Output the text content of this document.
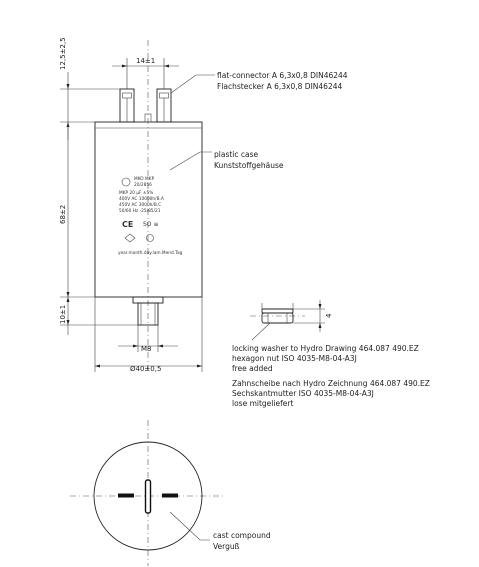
MKO MKP
20/2856
MKP 20 µF ±5%
400V AC 10000h/B.A
450V AC 3000h/B.C
50/60 Hz -25/85/21
CE SO ≡
year.month.day.lam.Mend.Tag
14±1
12,5±2,5
68±2
10±1
M8
Ø40±0,5
4
flat-connector A 6,3x0,8 DIN46244
Flachstecker A 6,3x0,8 DIN46244
plastic case
Kunststoffgehäuse
locking washer to Hydro Drawing 464.087 490.EZ
hexagon nut ISO 4035-M8-04-A3J
free added
Zahnscheibe nach Hydro Zeichnung 464.087 490.EZ
Sechskantmutter ISO 4035-M8-04-A3J
lose mitgeliefert
cast compound
Verguß
